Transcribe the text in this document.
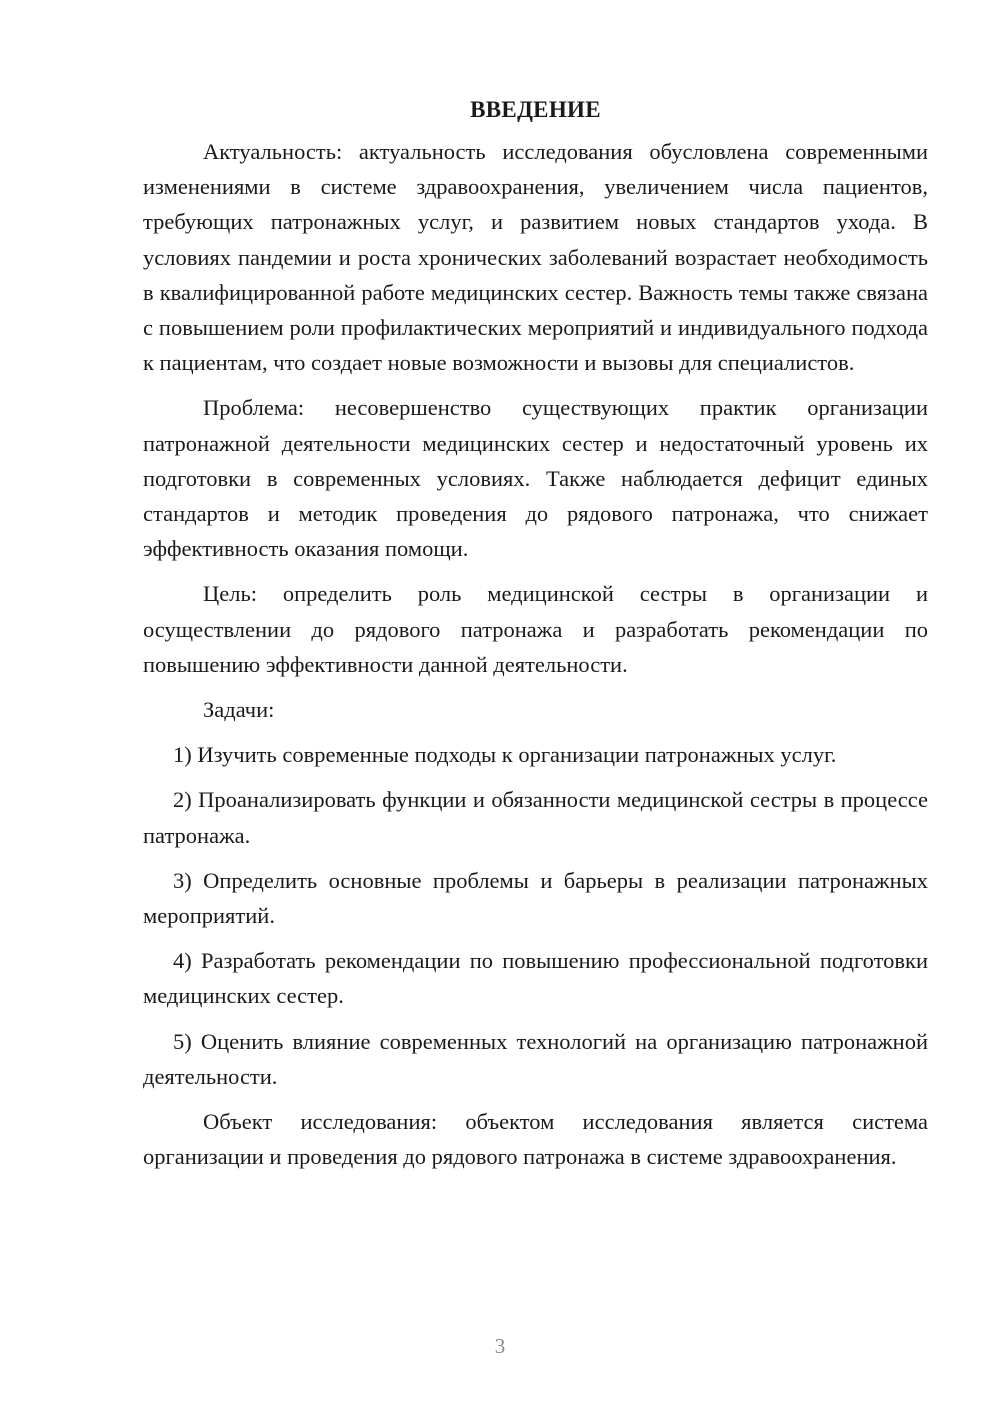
ВВЕДЕНИЕ

Актуальность: актуальность исследования обусловлена современными изменениями в системе здравоохранения, увеличением числа пациентов, требующих патронажных услуг, и развитием новых стандартов ухода. В условиях пандемии и роста хронических заболеваний возрастает необходимость в квалифицированной работе медицинских сестер. Важность темы также связана с повышением роли профилактических мероприятий и индивидуального подхода к пациентам, что создает новые возможности и вызовы для специалистов.

Проблема: несовершенство существующих практик организации патронажной деятельности медицинских сестер и недостаточный уровень их подготовки в современных условиях. Также наблюдается дефицит единых стандартов и методик проведения до рядового патронажа, что снижает эффективность оказания помощи.

Цель: определить роль медицинской сестры в организации и осуществлении до рядового патронажа и разработать рекомендации по повышению эффективности данной деятельности.

Задачи:

1) Изучить современные подходы к организации патронажных услуг.

2) Проанализировать функции и обязанности медицинской сестры в процессе патронажа.

3) Определить основные проблемы и барьеры в реализации патронажных мероприятий.

4) Разработать рекомендации по повышению профессиональной подготовки медицинских сестер.

5) Оценить влияние современных технологий на организацию патронажной деятельности.

Объект исследования: объектом исследования является система организации и проведения до рядового патронажа в системе здравоохранения.

3
